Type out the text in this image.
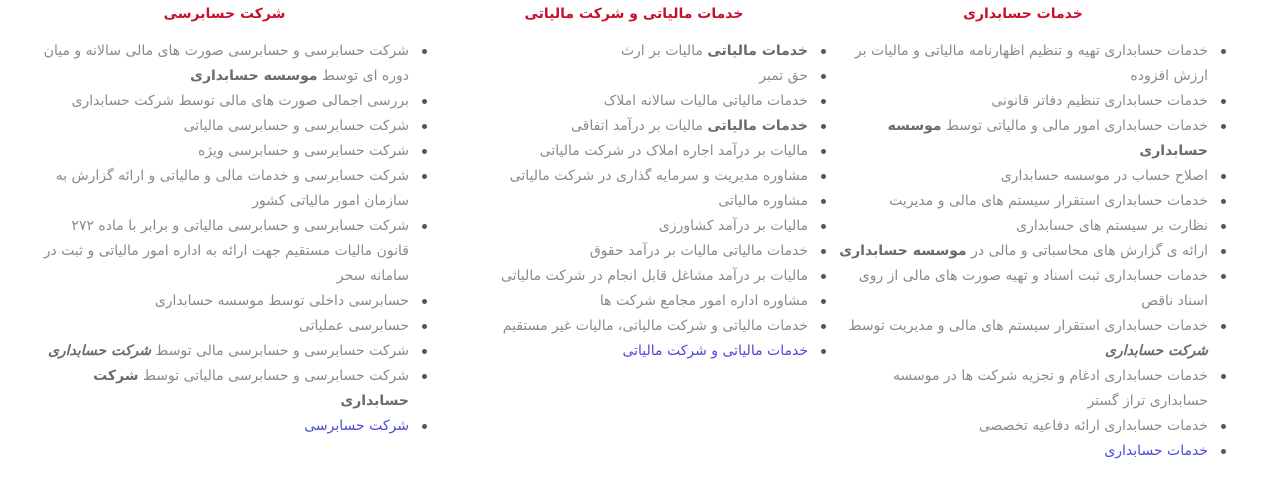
خدمات حسابداری
خدمات حسابداری تهیه و تنظیم اظهارنامه مالیاتی و مالیات بر ارزش افزوده
خدمات حسابداری تنظیم دفاتر قانونی
خدمات حسابداری امور مالی و مالیاتی توسط موسسه حسابداری
اصلاح حساب در موسسه حسابداری
خدمات حسابداری استقرار سیستم های مالی و مدیریت
نظارت بر سیستم های حسابداری
ارائه ی گزارش های محاسباتی و مالی در موسسه حسابداری
خدمات حسابداری ثبت اسناد و تهیه صورت های مالی از روی اسناد ناقص
خدمات حسابداری استقرار سیستم های مالی و مدیریت توسط شرکت حسابداری
خدمات حسابداری ادغام و تجزیه شرکت ها در موسسه حسابداری تراز گستر
خدمات حسابداری ارائه دفاعیه تخصصی
خدمات حسابداری
خدمات مالیاتی و شرکت مالیاتی
خدمات مالیاتی مالیات بر ارث
حق تمبر
خدمات مالیاتی مالیات سالانه املاک
خدمات مالیاتی مالیات بر درآمد اتفاقی
مالیات بر درآمد اجاره املاک در شرکت مالیاتی
مشاوره مدیریت و سرمایه گذاری در شرکت مالیاتی
مشاوره مالیاتی
مالیات بر درآمد کشاورزی
خدمات مالیاتی مالیات بر درآمد حقوق
مالیات بر درآمد مشاغل قابل انجام در شرکت مالیاتی
مشاوره اداره امور مجامع شرکت ها
خدمات مالیاتی و شرکت مالیاتی، مالیات غیر مستقیم
خدمات مالیاتی و شرکت مالیاتی
شرکت حسابرسی
شرکت حسابرسی و حسابرسی صورت های مالی سالانه و میان دوره ای توسط موسسه حسابداری
بررسی اجمالی صورت های مالی توسط شرکت حسابداری
شرکت حسابرسی و حسابرسی مالیاتی
شرکت حسابرسی و حسابرسی ویژه
شرکت حسابرسی و خدمات مالی و مالیاتی و ارائه گزارش به سازمان امور مالیاتی کشور
شرکت حسابرسی و حسابرسی مالیاتی و برابر با ماده ۲۷۲ قانون مالیات مستقیم جهت ارائه به اداره امور مالیاتی و ثبت در سامانه سحر
حسابرسی داخلی توسط موسسه حسابداری
حسابرسی عملیاتی
شرکت حسابرسی و حسابرسی مالی توسط شرکت حسابداری
شرکت حسابرسی و حسابرسی مالیاتی توسط شرکت حسابداری
شرکت حسابرسی
